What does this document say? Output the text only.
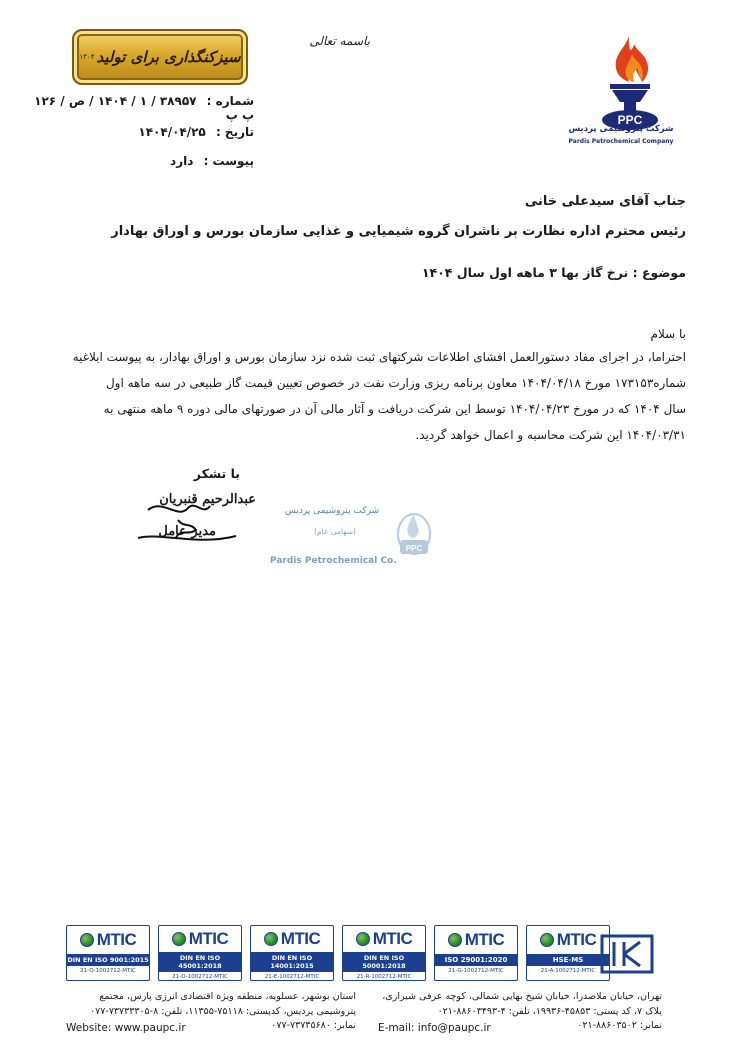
سیزکنگذاری برای تولید
۱۴۰۴
باسمه تعالی
PPC
شرکت پتروشیمی پردیس
Pardis Petrochemical Company
شماره : ۳۸۹۵۷ / ۱ / ۱۴۰۴ / ص / ۱۲۶ پ پ
تاریخ : ۱۴۰۴/۰۴/۲۵
پیوست : دارد
جناب آقای سیدعلی خانی
رئیس محترم اداره نظارت بر ناشران گروه شیمیایی و غذایی سازمان بورس و اوراق بهادار
موضوع : نرخ گاز بها ۳ ماهه اول سال ۱۴۰۴
با سلام
احتراما، در اجرای مفاد دستورالعمل افشای اطلاعات شرکتهای ثبت شده نزد سازمان بورس و اوراق بهادار، به پیوست ابلاغیه
شماره۱۷۳۱۵۳ مورخ ۱۴۰۴/۰۴/۱۸ معاون برنامه ریزی وزارت نفت در خصوص تعیین قیمت گاز طبیعی در سه ماهه اول
سال ۱۴۰۴ که در مورخ ۱۴۰۴/۰۴/۲۳ توسط این شرکت دریافت و آثار مالی آن در صورتهای مالی دوره ۹ ماهه منتهی به
۱۴۰۴/۰۳/۳۱ این شرکت محاسبه و اعمال خواهد گردید.
با تشکر
عبدالرحیم قنبریان
مدیر عامل
PPC
شرکت پتروشیمی پردیس
(سهامی عام)
Pardis Petrochemical Co.
MTIC
DIN EN ISO 9001:2015
21-Q-1002712-MTIC
MTIC
DIN EN ISO 45001:2018
21-O-1002712-MTIC
MTIC
DIN EN ISO 14001:2015
21-E-1002712-MTIC
MTIC
DIN EN ISO 50001:2018
21-R-1002712-MTIC
MTIC
ISO 29001:2020
21-G-1002712-MTIC
MTIC
HSE-MS
21-A-1002712-MTIC
تهران، خیابان ملاصدرا، خیابان شیخ بهایی شمالی، کوچه عرفی شیرازی،
پلاک ۷، کد پستی: ۴۵۸۵۳-۱۹۹۳۶، تلفن: ۴-۸۸۶۰۳۴۹۳-۰۲۱
نمابر: ۸۸۶۰۳۵۰۲-۰۲۱
استان بوشهر، عسلویه، منطقه ویژه اقتصادی انرژی پارس، مجتمع
پتروشیمی پردیس، کدپستی: ۷۵۱۱۸-۱۱۳۵۵، تلفن: ۸-۷۳۷۳۳۳۰۵-۰۷۷
نمابر: ۷۳۷۳۵۶۸۰-۰۷۷
Website: www.paupc.ir	E-mail: info@paupc.ir
